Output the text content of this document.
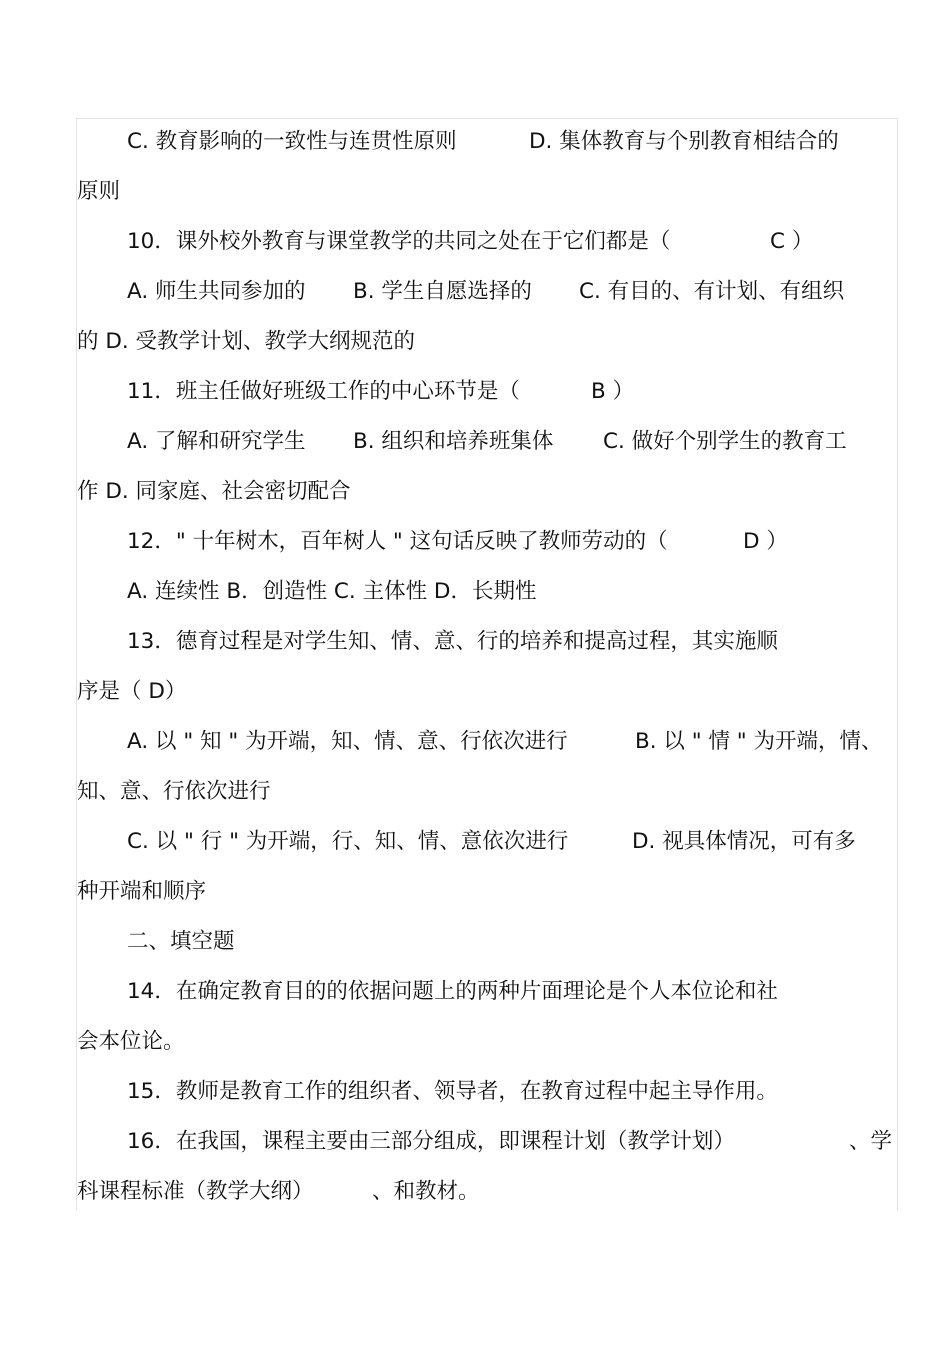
C. 教育影响的一致性与连贯性原则	D. 集体教育与个别教育相结合的
原则
10．课外校外教育与课堂教学的共同之处在于它们都是（	C ）
A. 师生共同参加的 B. 学生自愿选择的 C. 有目的、有计划、有组织
的 D. 受教学计划、教学大纲规范的
11．班主任做好班级工作的中心环节是（	B ）
A. 了解和研究学生 B. 组织和培养班集体 C. 做好个别学生的教育工
作 D. 同家庭、社会密切配合
12．" 十年树木，百年树人 " 这句话反映了教师劳动的（	D ）
A. 连续性 B．创造性 C. 主体性 D．长期性
13．德育过程是对学生知、情、意、行的培养和提高过程，其实施顺
序是（ D）
A. 以 " 知 " 为开端，知、情、意、行依次进行	B. 以 " 情 " 为开端，情、
知、意、行依次进行
C. 以 " 行 " 为开端，行、知、情、意依次进行	D. 视具体情况，可有多
种开端和顺序
二、填空题
14．在确定教育目的的依据问题上的两种片面理论是个人本位论和社
会本位论。
15．教师是教育工作的组织者、领导者，在教育过程中起主导作用。
16．在我国，课程主要由三部分组成，即课程计划（教学计划）	、学
科课程标准（教学大纲）	、和教材。
